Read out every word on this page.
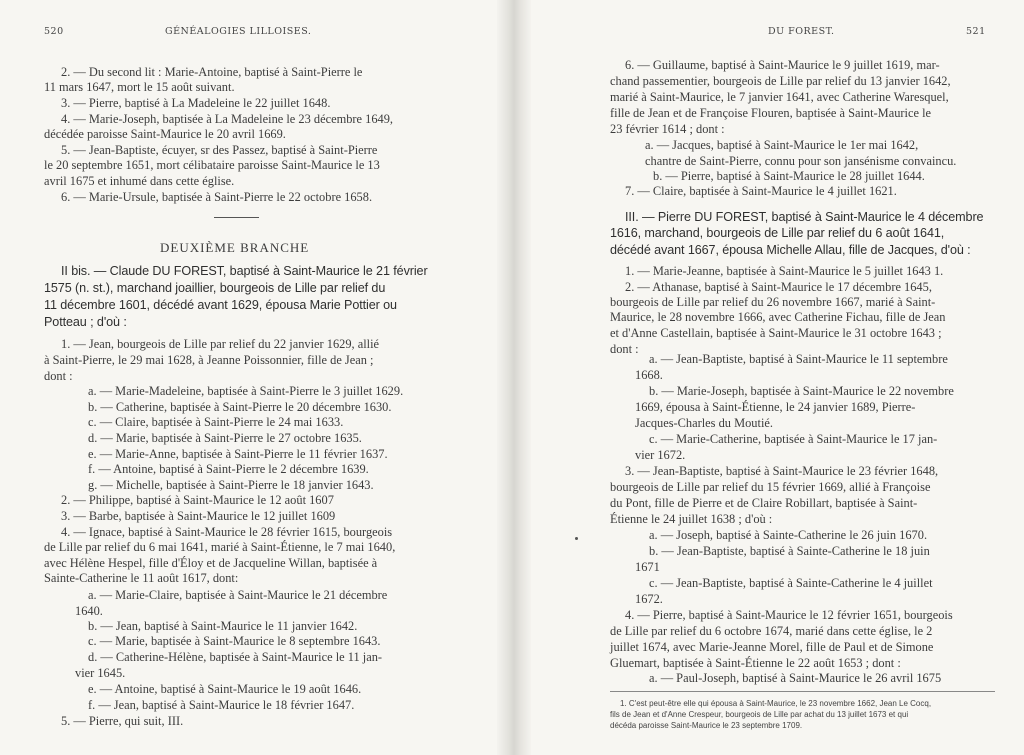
520	GÉNÉALOGIES LILLOISES.
2. — Du second lit : Marie-Antoine, baptisé à Saint-Pierre le
11 mars 1647, mort le 15 août suivant.
3. — Pierre, baptisé à La Madeleine le 22 juillet 1648.
4. — Marie-Joseph, baptisée à La Madeleine le 23 décembre 1649,
décédée paroisse Saint-Maurice le 20 avril 1669.
5. — Jean-Baptiste, écuyer, sr des Passez, baptisé à Saint-Pierre
le 20 septembre 1651, mort célibataire paroisse Saint-Maurice le 13
avril 1675 et inhumé dans cette église.
6. — Marie-Ursule, baptisée à Saint-Pierre le 22 octobre 1658.
DEUXIÈME BRANCHE
II bis. — Claude DU FOREST, baptisé à Saint-Maurice le 21 février
1575 (n. st.), marchand joaillier, bourgeois de Lille par relief du
11 décembre 1601, décédé avant 1629, épousa Marie Pottier ou
Potteau ; d'où :
1. — Jean, bourgeois de Lille par relief du 22 janvier 1629, allié
à Saint-Pierre, le 29 mai 1628, à Jeanne Poissonnier, fille de Jean ;
dont :
a. — Marie-Madeleine, baptisée à Saint-Pierre le 3 juillet 1629.
b. — Catherine, baptisée à Saint-Pierre le 20 décembre 1630.
c. — Claire, baptisée à Saint-Pierre le 24 mai 1633.
d. — Marie, baptisée à Saint-Pierre le 27 octobre 1635.
e. — Marie-Anne, baptisée à Saint-Pierre le 11 février 1637.
f. — Antoine, baptisé à Saint-Pierre le 2 décembre 1639.
g. — Michelle, baptisée à Saint-Pierre le 18 janvier 1643.
2. — Philippe, baptisé à Saint-Maurice le 12 août 1607
3. — Barbe, baptisée à Saint-Maurice le 12 juillet 1609
4. — Ignace, baptisé à Saint-Maurice le 28 février 1615, bourgeois
de Lille par relief du 6 mai 1641, marié à Saint-Étienne, le 7 mai 1640,
avec Hélène Hespel, fille d'Éloy et de Jacqueline Willan, baptisée à
Sainte-Catherine le 11 août 1617, dont:
a. — Marie-Claire, baptisée à Saint-Maurice le 21 décembre
1640.
b. — Jean, baptisé à Saint-Maurice le 11 janvier 1642.
c. — Marie, baptisée à Saint-Maurice le 8 septembre 1643.
d. — Catherine-Hélène, baptisée à Saint-Maurice le 11 jan-
vier 1645.
e. — Antoine, baptisé à Saint-Maurice le 19 août 1646.
f. — Jean, baptisé à Saint-Maurice le 18 février 1647.
5. — Pierre, qui suit, III.
DU FOREST.	521
6. — Guillaume, baptisé à Saint-Maurice le 9 juillet 1619, mar-
chand passementier, bourgeois de Lille par relief du 13 janvier 1642,
marié à Saint-Maurice, le 7 janvier 1641, avec Catherine Waresquel,
fille de Jean et de Françoise Flouren, baptisée à Saint-Maurice le
23 février 1614 ; dont :
a. — Jacques, baptisé à Saint-Maurice le 1er mai 1642,
chantre de Saint-Pierre, connu pour son jansénisme convaincu.
b. — Pierre, baptisé à Saint-Maurice le 28 juillet 1644.
7. — Claire, baptisée à Saint-Maurice le 4 juillet 1621.
III. — Pierre DU FOREST, baptisé à Saint-Maurice le 4 décembre
1616, marchand, bourgeois de Lille par relief du 6 août 1641,
décédé avant 1667, épousa Michelle Allau, fille de Jacques, d'où :
1. — Marie-Jeanne, baptisée à Saint-Maurice le 5 juillet 1643 1.
2. — Athanase, baptisé à Saint-Maurice le 17 décembre 1645,
bourgeois de Lille par relief du 26 novembre 1667, marié à Saint-
Maurice, le 28 novembre 1666, avec Catherine Fichau, fille de Jean
et d'Anne Castellain, baptisée à Saint-Maurice le 31 octobre 1643 ;
dont :
a. — Jean-Baptiste, baptisé à Saint-Maurice le 11 septembre
1668.
b. — Marie-Joseph, baptisée à Saint-Maurice le 22 novembre
1669, épousa à Saint-Étienne, le 24 janvier 1689, Pierre-
Jacques-Charles du Moutié.
c. — Marie-Catherine, baptisée à Saint-Maurice le 17 jan-
vier 1672.
3. — Jean-Baptiste, baptisé à Saint-Maurice le 23 février 1648,
bourgeois de Lille par relief du 15 février 1669, allié à Françoise
du Pont, fille de Pierre et de Claire Robillart, baptisée à Saint-
Étienne le 24 juillet 1638 ; d'où :
a. — Joseph, baptisé à Sainte-Catherine le 26 juin 1670.
b. — Jean-Baptiste, baptisé à Sainte-Catherine le 18 juin
1671
c. — Jean-Baptiste, baptisé à Sainte-Catherine le 4 juillet
1672.
4. — Pierre, baptisé à Saint-Maurice le 12 février 1651, bourgeois
de Lille par relief du 6 octobre 1674, marié dans cette église, le 2
juillet 1674, avec Marie-Jeanne Morel, fille de Paul et de Simone
Gluemart, baptisée à Saint-Étienne le 22 août 1653 ; dont :
a. — Paul-Joseph, baptisé à Saint-Maurice le 26 avril 1675
1. C'est peut-être elle qui épousa à Saint-Maurice, le 23 novembre 1662, Jean Le Cocq,
fils de Jean et d'Anne Crespeur, bourgeois de Lille par achat du 13 juillet 1673 et qui
décéda paroisse Saint-Maurice le 23 septembre 1709.
